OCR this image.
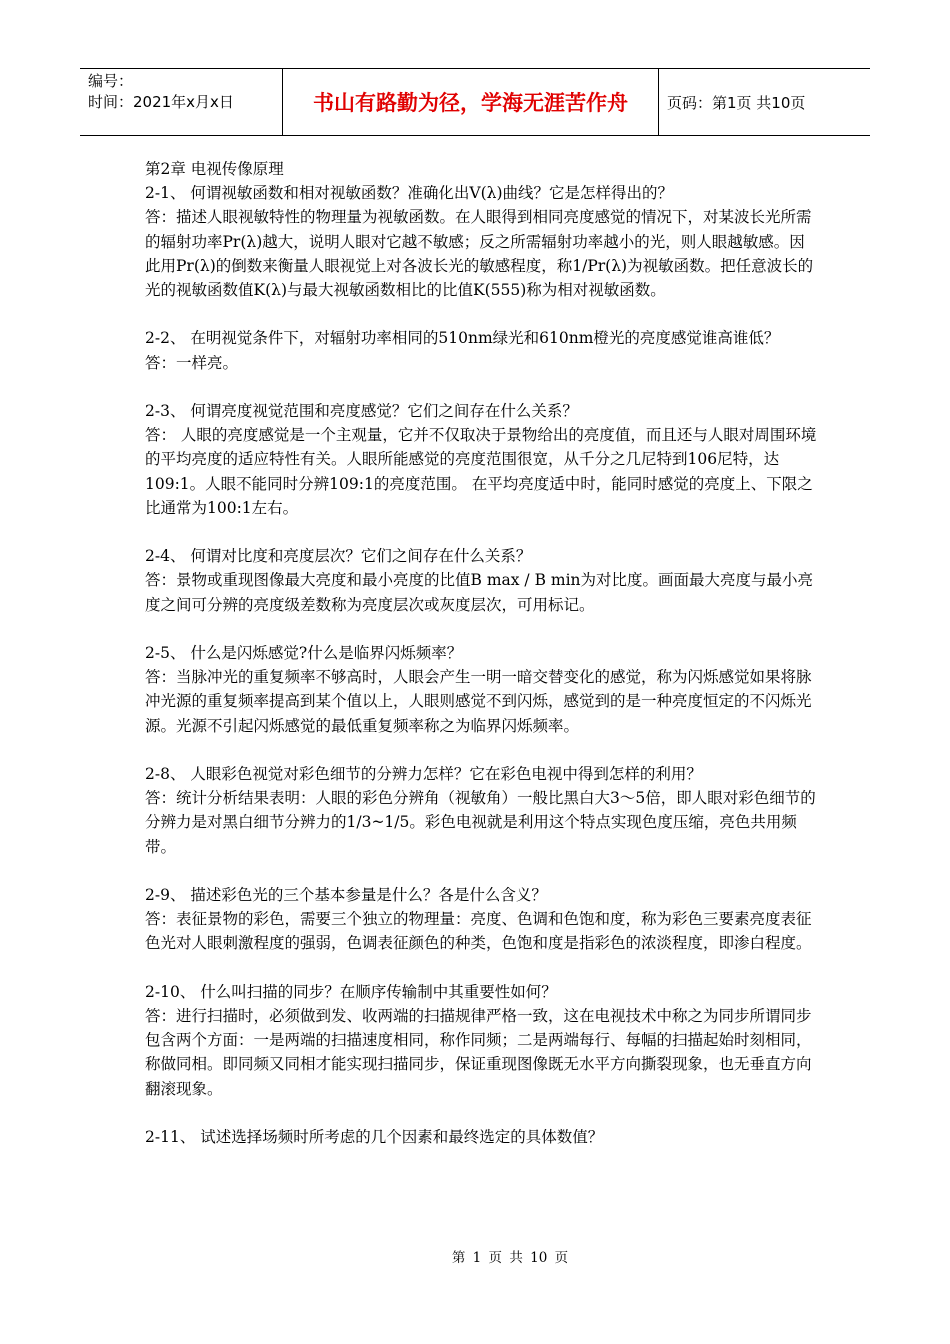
编号：
时间：2021年x月x日	书山有路勤为径，学海无涯苦作舟	页码：第1页 共10页

第2章 电视传像原理

2-1、 何谓视敏函数和相对视敏函数？准确化出V(λ)曲线？它是怎样得出的？

答：描述人眼视敏特性的物理量为视敏函数。在人眼得到相同亮度感觉的情况下，对某波长光所需的辐射功率Pr(λ)越大，说明人眼对它越不敏感；反之所需辐射功率越小的光，则人眼越敏感。因此用Pr(λ)的倒数来衡量人眼视觉上对各波长光的敏感程度，称1/Pr(λ)为视敏函数。把任意波长的光的视敏函数值K(λ)与最大视敏函数相比的比值K(555)称为相对视敏函数。

2-2、 在明视觉条件下，对辐射功率相同的510nm绿光和610nm橙光的亮度感觉谁高谁低？

答：一样亮。

2-3、 何谓亮度视觉范围和亮度感觉？它们之间存在什么关系？

答： 人眼的亮度感觉是一个主观量，它并不仅取决于景物给出的亮度值，而且还与人眼对周围环境的平均亮度的适应特性有关。人眼所能感觉的亮度范围很宽，从千分之几尼特到106尼特，达109:1。人眼不能同时分辨109:1的亮度范围。 在平均亮度适中时，能同时感觉的亮度上、下限之比通常为100:1左右。

2-4、 何谓对比度和亮度层次？它们之间存在什么关系？

答：景物或重现图像最大亮度和最小亮度的比值B max / B min为对比度。画面最大亮度与最小亮度之间可分辨的亮度级差数称为亮度层次或灰度层次，可用标记。

2-5、 什么是闪烁感觉?什么是临界闪烁频率？

答：当脉冲光的重复频率不够高时，人眼会产生一明一暗交替变化的感觉，称为闪烁感觉如果将脉冲光源的重复频率提高到某个值以上，人眼则感觉不到闪烁，感觉到的是一种亮度恒定的不闪烁光源。光源不引起闪烁感觉的最低重复频率称之为临界闪烁频率。

2-8、 人眼彩色视觉对彩色细节的分辨力怎样？它在彩色电视中得到怎样的利用？

答：统计分析结果表明：人眼的彩色分辨角（视敏角）一般比黑白大3～5倍，即人眼对彩色细节的分辨力是对黑白细节分辨力的1/3~1/5。彩色电视就是利用这个特点实现色度压缩，亮色共用频带。

2-9、 描述彩色光的三个基本参量是什么？各是什么含义？

答：表征景物的彩色，需要三个独立的物理量：亮度、色调和色饱和度，称为彩色三要素亮度表征色光对人眼刺激程度的强弱，色调表征颜色的种类，色饱和度是指彩色的浓淡程度，即渗白程度。

2-10、 什么叫扫描的同步？在顺序传输制中其重要性如何？

答：进行扫描时，必须做到发、收两端的扫描规律严格一致，这在电视技术中称之为同步所谓同步包含两个方面：一是两端的扫描速度相同，称作同频；二是两端每行、每幅的扫描起始时刻相同，称做同相。即同频又同相才能实现扫描同步，保证重现图像既无水平方向撕裂现象，也无垂直方向翻滚现象。

2-11、 试述选择场频时所考虑的几个因素和最终选定的具体数值？

第 1 页 共 10 页
